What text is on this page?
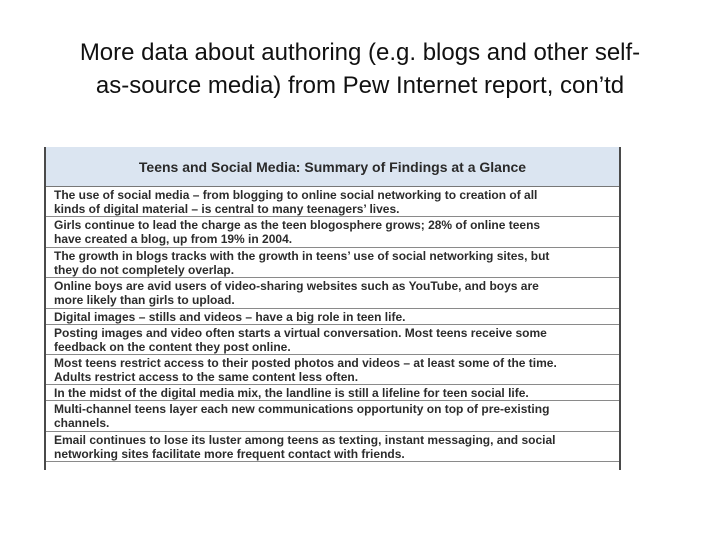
More data about authoring (e.g. blogs and other self-
as-source media) from Pew Internet report, con’td
Teens and Social Media: Summary of Findings at a Glance
The use of social media – from blogging to online social networking to creation of all
kinds of digital material – is central to many teenagers’ lives.
Girls continue to lead the charge as the teen blogosphere grows; 28% of online teens
have created a blog, up from 19% in 2004.
The growth in blogs tracks with the growth in teens’ use of social networking sites, but
they do not completely overlap.
Online boys are avid users of video-sharing websites such as YouTube, and boys are
more likely than girls to upload.
Digital images – stills and videos – have a big role in teen life.
Posting images and video often starts a virtual conversation. Most teens receive some
feedback on the content they post online.
Most teens restrict access to their posted photos and videos – at least some of the time.
Adults restrict access to the same content less often.
In the midst of the digital media mix, the landline is still a lifeline for teen social life.
Multi-channel teens layer each new communications opportunity on top of pre-existing
channels.
Email continues to lose its luster among teens as texting, instant messaging, and social
networking sites facilitate more frequent contact with friends.
